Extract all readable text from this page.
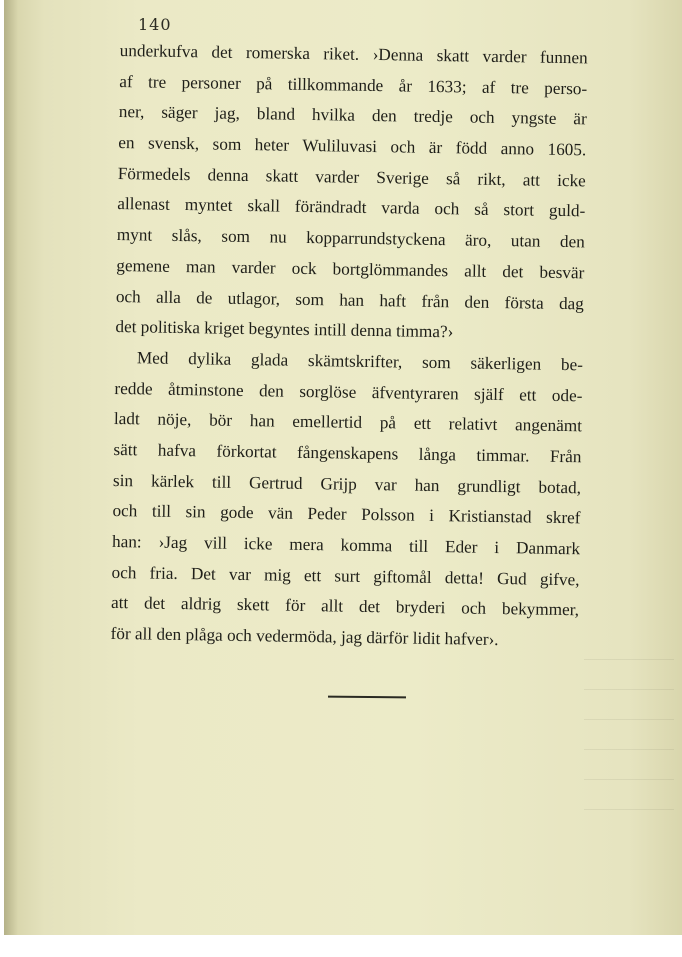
140
underkufva det romerska riket. ›Denna skatt varder funnen
af tre personer på tillkommande år 1633; af tre perso-
ner, säger jag, bland hvilka den tredje och yngste är
en svensk, som heter Wuliluvasi och är född anno 1605.
Förmedels denna skatt varder Sverige så rikt, att icke
allenast myntet skall förändradt varda och så stort guld-
mynt slås, som nu kopparrundstyckena äro, utan den
gemene man varder ock bortglömmandes allt det besvär
och alla de utlagor, som han haft från den första dag
det politiska kriget begyntes intill denna timma?›
Med dylika glada skämtskrifter, som säkerligen be-
redde åtminstone den sorglöse äfventyraren själf ett ode-
ladt nöje, bör han emellertid på ett relativt angenämt
sätt hafva förkortat fångenskapens långa timmar. Från
sin kärlek till Gertrud Grijp var han grundligt botad,
och till sin gode vän Peder Polsson i Kristianstad skref
han: ›Jag vill icke mera komma till Eder i Danmark
och fria. Det var mig ett surt giftomål detta! Gud gifve,
att det aldrig skett för allt det bryderi och bekymmer,
för all den plåga och vedermöda, jag därför lidit hafver›.
